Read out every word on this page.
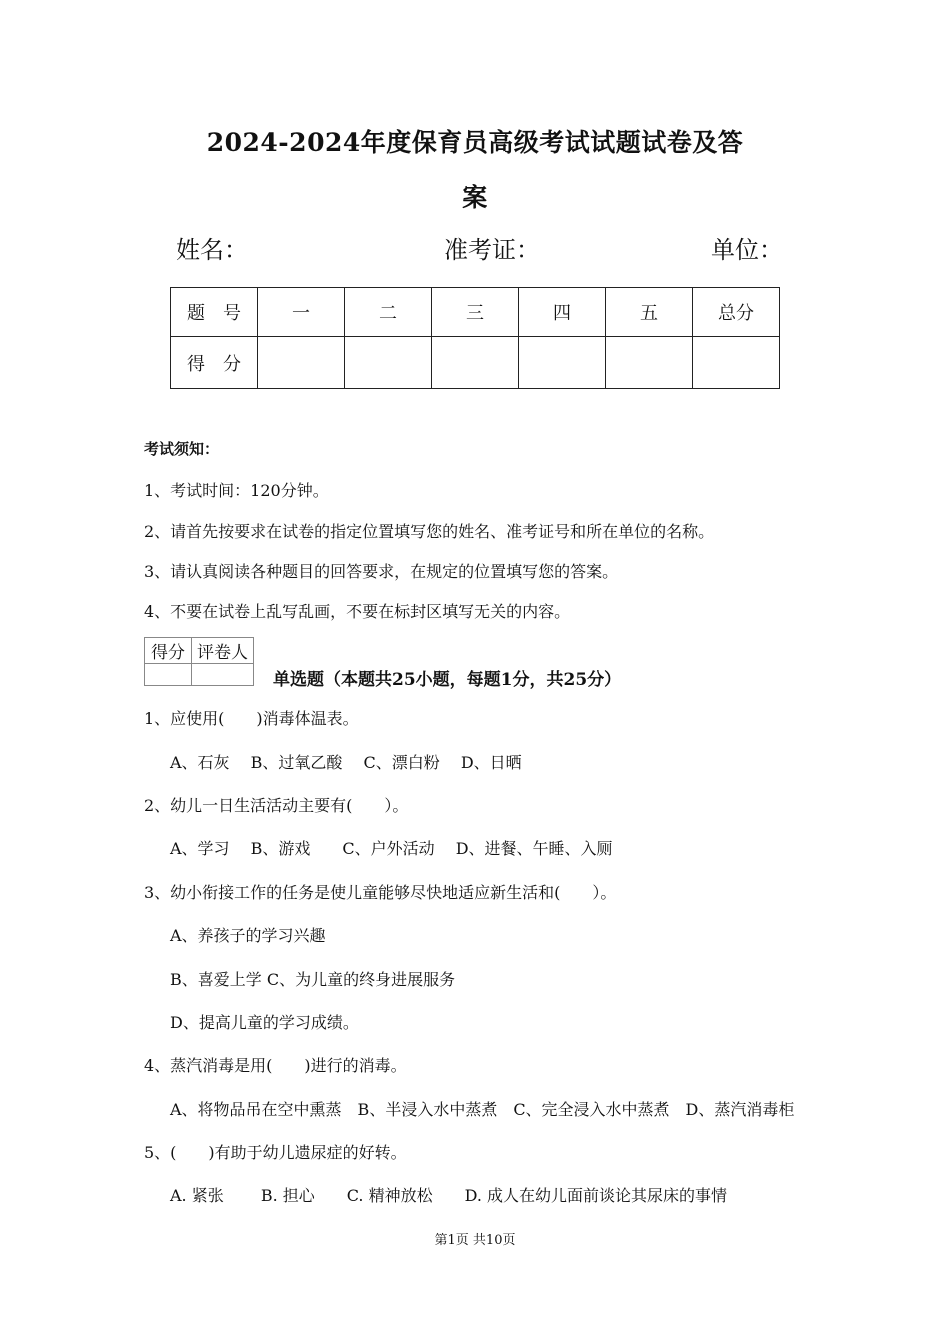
2024-2024年度保育员高级考试试题试卷及答
案
姓名：	准考证：	单位：
题　号	一	二	三	四	五	总分
得　分						
考试须知：
1、考试时间：120分钟。
2、请首先按要求在试卷的指定位置填写您的姓名、准考证号和所在单位的名称。
3、请认真阅读各种题目的回答要求，在规定的位置填写您的答案。
4、不要在试卷上乱写乱画，不要在标封区填写无关的内容。
得分	评卷人

单选题（本题共25小题，每题1分，共25分）
1、应使用(　　)消毒体温表。
A、石灰　 B、过氧乙酸　 C、漂白粉　 D、日晒
2、幼儿一日生活活动主要有(　　）。
A、学习　 B、游戏　　C、户外活动　 D、进餐、午睡、入厕
3、幼小衔接工作的任务是使儿童能够尽快地适应新生活和(　　）。
A、养孩子的学习兴趣
B、喜爱上学 C、为儿童的终身进展服务
D、提高儿童的学习成绩。
4、蒸汽消毒是用(　　)进行的消毒。
A、将物品吊在空中熏蒸　B、半浸入水中蒸煮　C、完全浸入水中蒸煮　D、蒸汽消毒柜
5、(　　)有助于幼儿遗尿症的好转。
A. 紧张　　 B. 担心　　C. 精神放松　　D. 成人在幼儿面前谈论其尿床的事情
第1页 共10页
